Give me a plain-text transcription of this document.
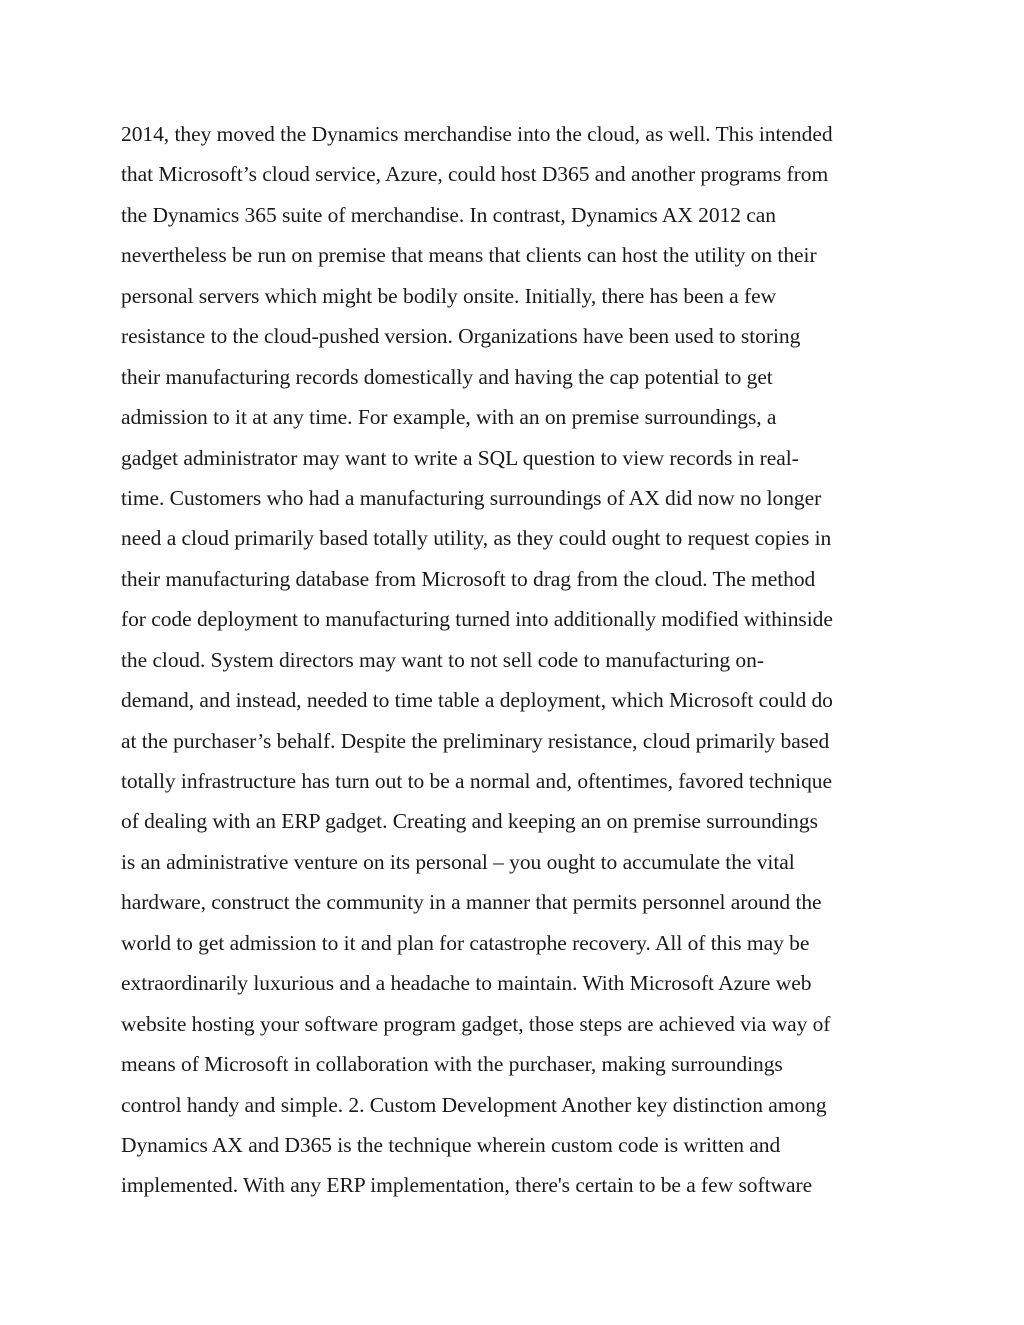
2014, they moved the Dynamics merchandise into the cloud, as well. This intended
that Microsoft’s cloud service, Azure, could host D365 and another programs from
the Dynamics 365 suite of merchandise. In contrast, Dynamics AX 2012 can
nevertheless be run on premise that means that clients can host the utility on their
personal servers which might be bodily onsite. Initially, there has been a few
resistance to the cloud-pushed version. Organizations have been used to storing
their manufacturing records domestically and having the cap potential to get
admission to it at any time. For example, with an on premise surroundings, a
gadget administrator may want to write a SQL question to view records in real-
time. Customers who had a manufacturing surroundings of AX did now no longer
need a cloud primarily based totally utility, as they could ought to request copies in
their manufacturing database from Microsoft to drag from the cloud. The method
for code deployment to manufacturing turned into additionally modified withinside
the cloud. System directors may want to not sell code to manufacturing on-
demand, and instead, needed to time table a deployment, which Microsoft could do
at the purchaser’s behalf. Despite the preliminary resistance, cloud primarily based
totally infrastructure has turn out to be a normal and, oftentimes, favored technique
of dealing with an ERP gadget. Creating and keeping an on premise surroundings
is an administrative venture on its personal – you ought to accumulate the vital
hardware, construct the community in a manner that permits personnel around the
world to get admission to it and plan for catastrophe recovery. All of this may be
extraordinarily luxurious and a headache to maintain. With Microsoft Azure web
website hosting your software program gadget, those steps are achieved via way of
means of Microsoft in collaboration with the purchaser, making surroundings
control handy and simple. 2. Custom Development Another key distinction among
Dynamics AX and D365 is the technique wherein custom code is written and
implemented. With any ERP implementation, there's certain to be a few software
